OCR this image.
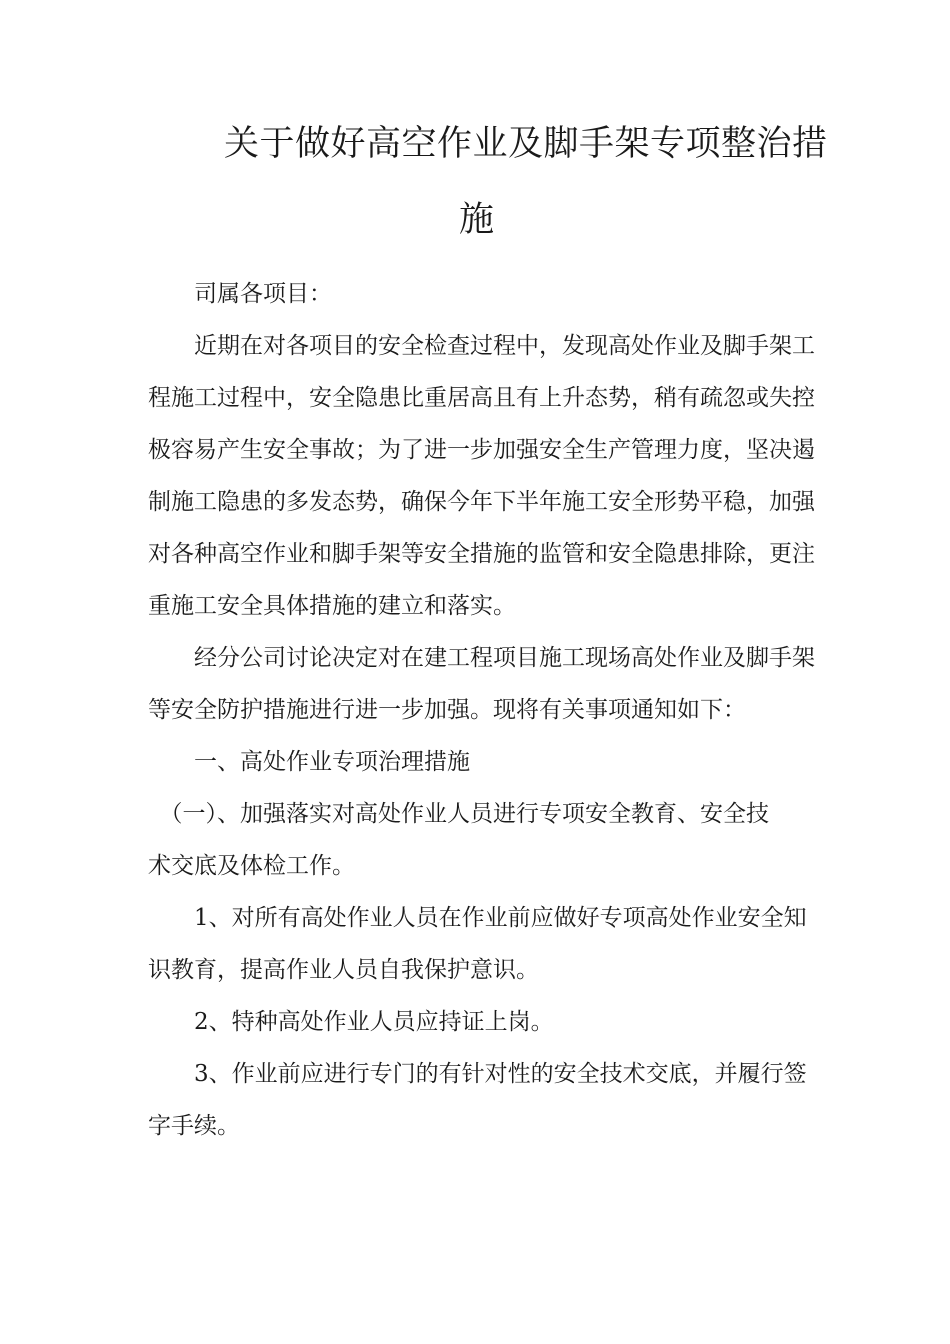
关于做好高空作业及脚手架专项整治措
施
　　司属各项目：
　　近期在对各项目的安全检查过程中，发现高处作业及脚手架工
程施工过程中，安全隐患比重居高且有上升态势，稍有疏忽或失控
极容易产生安全事故；为了进一步加强安全生产管理力度，坚决遏
制施工隐患的多发态势，确保今年下半年施工安全形势平稳，加强
对各种高空作业和脚手架等安全措施的监管和安全隐患排除，更注
重施工安全具体措施的建立和落实。
　　经分公司讨论决定对在建工程项目施工现场高处作业及脚手架
等安全防护措施进行进一步加强。现将有关事项通知如下：
　　一、高处作业专项治理措施
　（一）、加强落实对高处作业人员进行专项安全教育、安全技
术交底及体检工作。
　　1、对所有高处作业人员在作业前应做好专项高处作业安全知
识教育，提高作业人员自我保护意识。
　　2、特种高处作业人员应持证上岗。
　　3、作业前应进行专门的有针对性的安全技术交底，并履行签
字手续。
